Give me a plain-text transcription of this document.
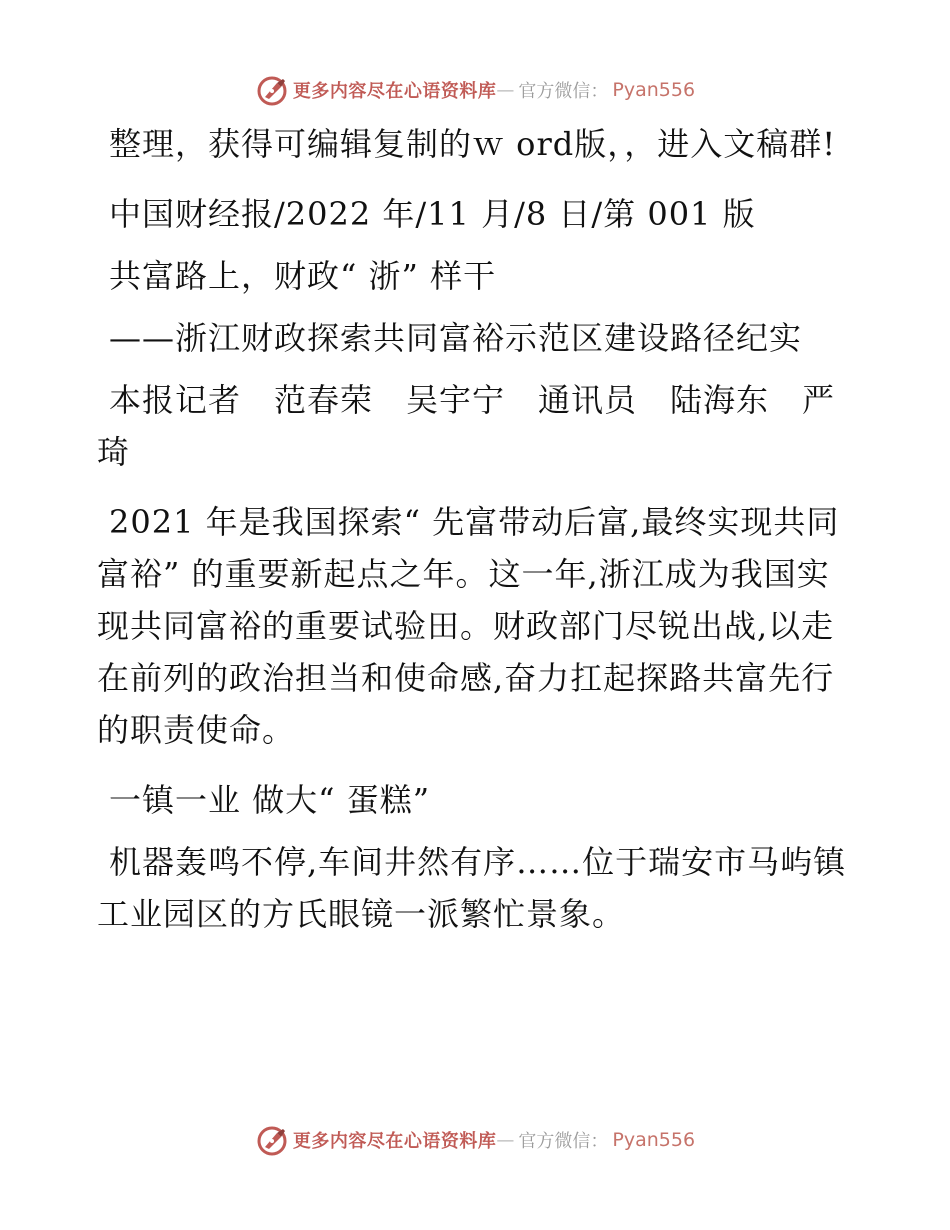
更多内容尽在心语资料库 — 官方微信： Pyan556

整理，获得可编辑复制的ｗ ord版，，进入文稿群!

中国财经报/2022 年/11 月/8 日/第 001 版

共富路上，财政“ 浙” 样干

——浙江财政探索共同富裕示范区建设路径纪实

本报记者　范春荣　吴宇宁　通讯员　陆海东　严琦

2021 年是我国探索“ 先富带动后富,最终实现共同富裕” 的重要新起点之年。这一年,浙江成为我国实现共同富裕的重要试验田。财政部门尽锐出战,以走在前列的政治担当和使命感,奋力扛起探路共富先行的职责使命。

一镇一业 做大“ 蛋糕”

机器轰鸣不停,车间井然有序……位于瑞安市马屿镇工业园区的方氏眼镜一派繁忙景象。

更多内容尽在心语资料库 — 官方微信： Pyan556
